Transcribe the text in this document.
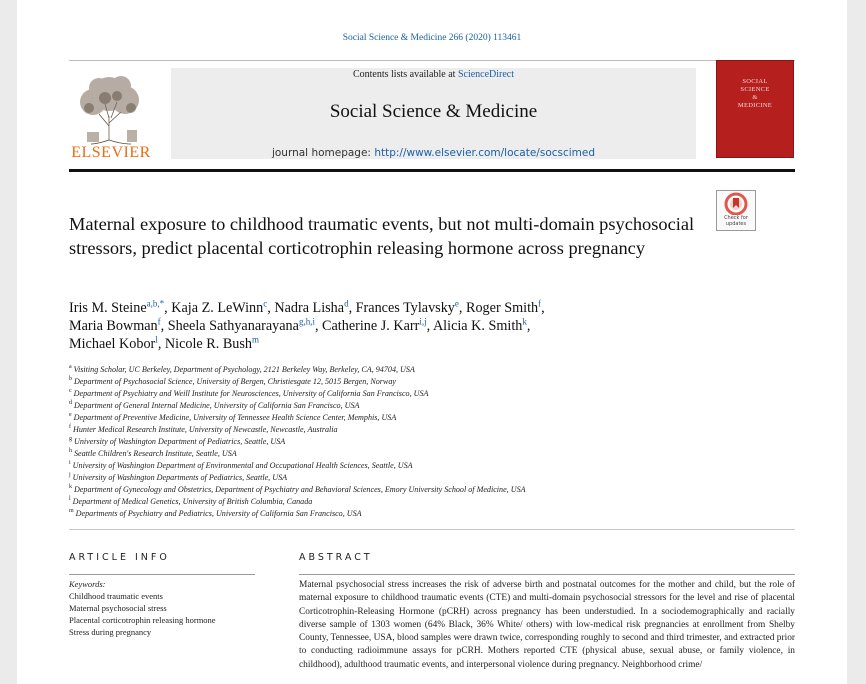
Social Science & Medicine 266 (2020) 113461
ELSEVIER
Contents lists available at ScienceDirect
Social Science & Medicine
journal homepage: http://www.elsevier.com/locate/socscimed
SOCIAL
SCIENCE
&
MEDICINE
Check for
updates
Maternal exposure to childhood traumatic events, but not multi-domain psychosocial stressors, predict placental corticotrophin releasing hormone across pregnancy
Iris M. Steine$^{a,b,*}$, Kaja Z. LeWinn$^c$, Nadra Lisha$^d$, Frances Tylavsky$^e$, Roger Smith$^f$,
Maria Bowman$^f$, Sheela Sathyanarayana$^{g,h,i}$, Catherine J. Karr$^{i,j}$, Alicia K. Smith$^k$,
Michael Kobor$^l$, Nicole R. Bush$^m$
$^a$ Visiting Scholar, UC Berkeley, Department of Psychology, 2121 Berkeley Way, Berkeley, CA, 94704, USA
$^b$ Department of Psychosocial Science, University of Bergen, Christiesgate 12, 5015 Bergen, Norway
$^c$ Department of Psychiatry and Weill Institute for Neurosciences, University of California San Francisco, USA
$^d$ Department of General Internal Medicine, University of California San Francisco, USA
$^e$ Department of Preventive Medicine, University of Tennessee Health Science Center, Memphis, USA
$^f$ Hunter Medical Research Institute, University of Newcastle, Newcastle, Australia
$^g$ University of Washington Department of Pediatrics, Seattle, USA
$^h$ Seattle Children's Research Institute, Seattle, USA
$^i$ University of Washington Department of Environmental and Occupational Health Sciences, Seattle, USA
$^j$ University of Washington Departments of Pediatrics, Seattle, USA
$^k$ Department of Gynecology and Obstetrics, Department of Psychiatry and Behavioral Sciences, Emory University School of Medicine, USA
$^l$ Department of Medical Genetics, University of British Columbia, Canada
$^m$ Departments of Psychiatry and Pediatrics, University of California San Francisco, USA
ARTICLE INFO
Keywords:
Childhood traumatic events
Maternal psychosocial stress
Placental corticotrophin releasing hormone
Stress during pregnancy
ABSTRACT

Maternal psychosocial stress increases the risk of adverse birth and postnatal outcomes for the mother and child, but the role of maternal exposure to childhood traumatic events (CTE) and multi-domain psychosocial stressors for the level and rise of placental Corticotrophin-Releasing Hormone (pCRH) across pregnancy has been understudied. In a sociodemographically and racially diverse sample of 1303 women (64% Black, 36% White/ others) with low-medical risk pregnancies at enrollment from Shelby County, Tennessee, USA, blood samples were drawn twice, corresponding roughly to second and third trimester, and extracted prior to conducting radioimmune assays for pCRH. Mothers reported CTE (physical abuse, sexual abuse, or family violence, in childhood), adulthood traumatic events, and interpersonal violence during pregnancy. Neighborhood crime/
